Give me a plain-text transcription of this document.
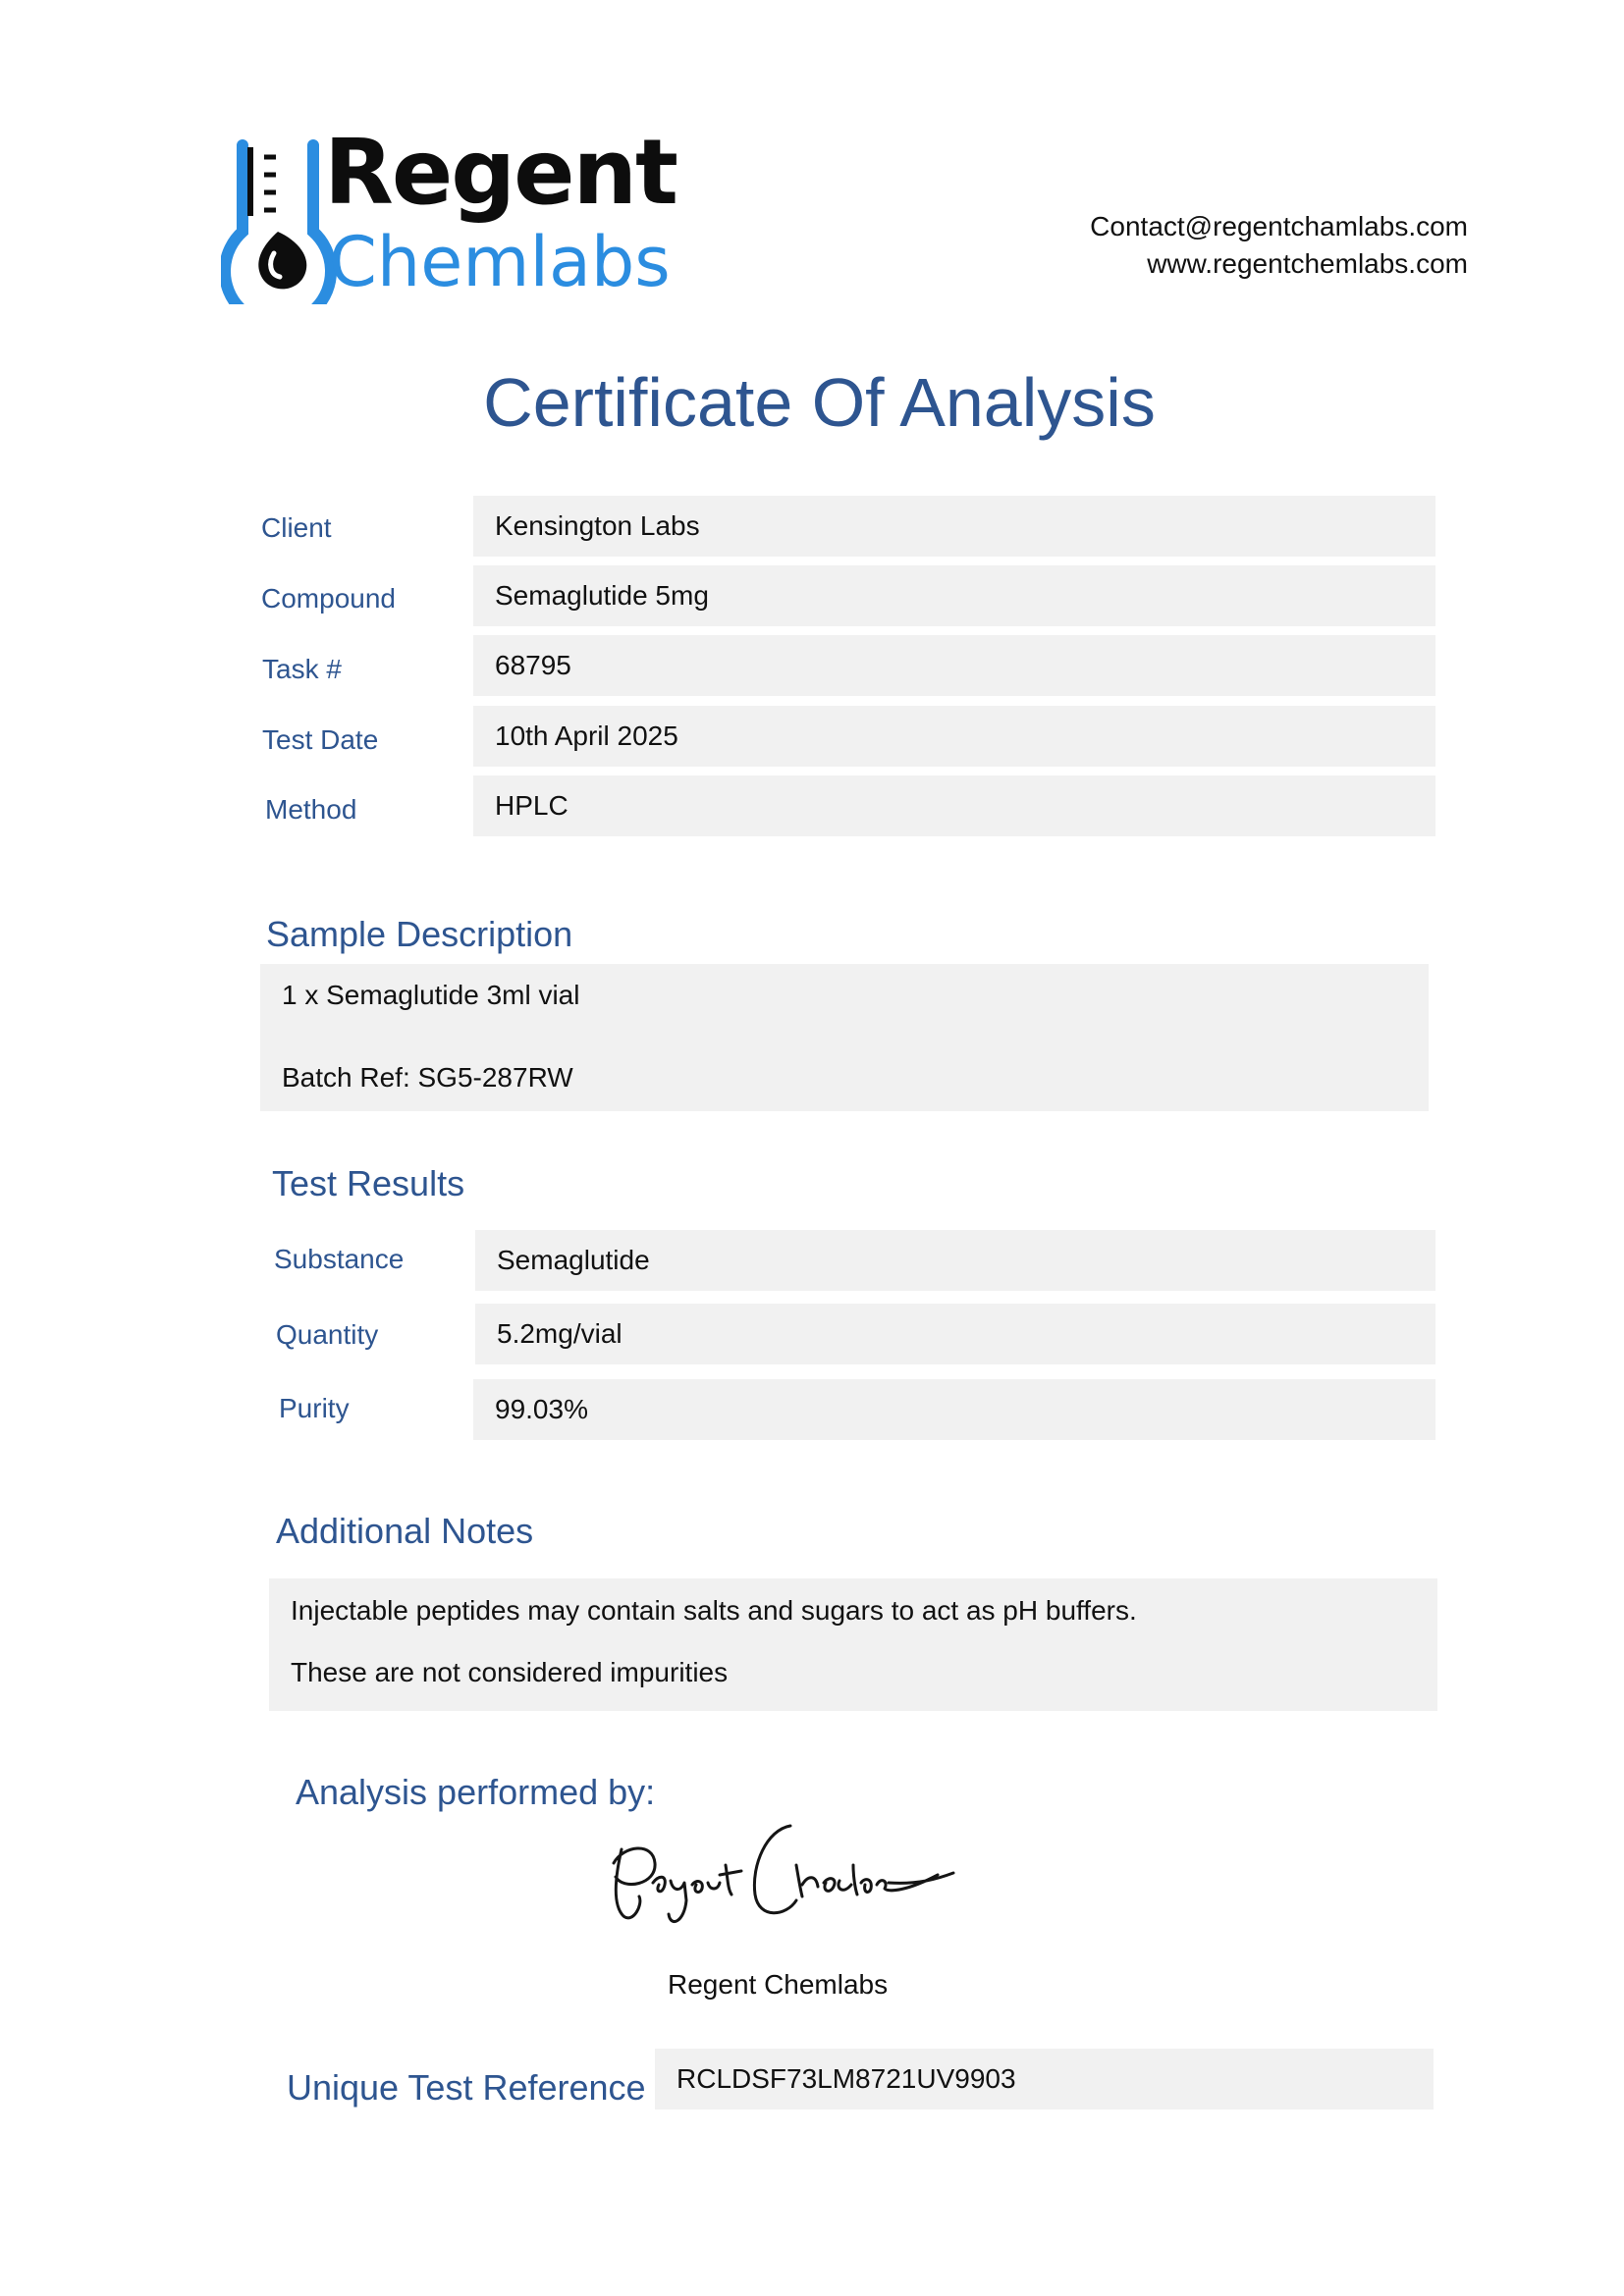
Regent
Chemlabs	Contact@regentchamlabs.com
www.regentchemlabs.com
Certificate Of Analysis
Client	Kensington Labs
Compound	Semaglutide 5mg
Task #	68795
Test Date	10th April 2025
Method	HPLC
Sample Description
1 x Semaglutide 3ml vial
Batch Ref: SG5-287RW
Test Results
Substance	Semaglutide
Quantity	5.2mg/vial
Purity	99.03%
Additional Notes
Injectable peptides may contain salts and sugars to act as pH buffers.
These are not considered impurities
Analysis performed by:
Regent Chemlabs
Unique Test Reference	RCLDSF73LM8721UV9903
